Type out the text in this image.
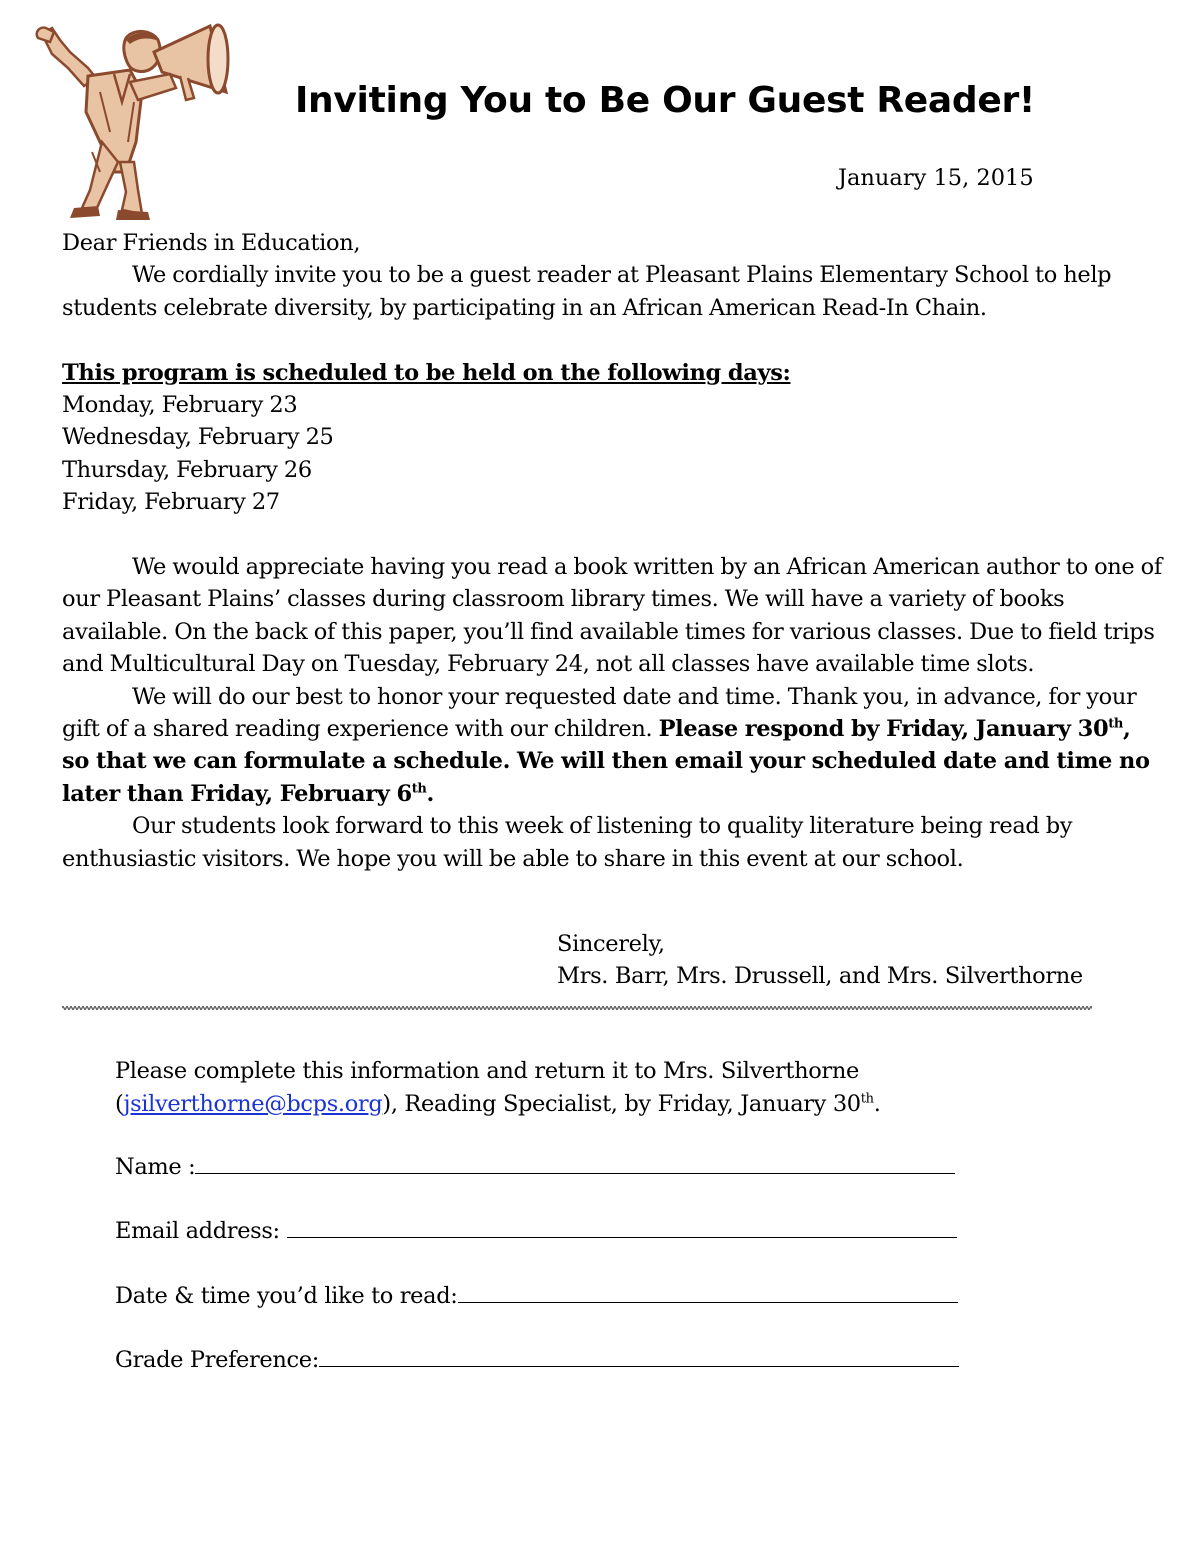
Inviting You to Be Our Guest Reader!
January 15, 2015

Dear Friends in Education,

We cordially invite you to be a guest reader at Pleasant Plains Elementary School to help students celebrate diversity, by participating in an African American Read-In Chain.

This program is scheduled to be held on the following days:

Monday, February 23

Wednesday, February 25

Thursday, February 26

Friday, February 27

We would appreciate having you read a book written by an African American author to one of our Pleasant Plains’ classes during classroom library times. We will have a variety of books available. On the back of this paper, you’ll find available times for various classes. Due to field trips and Multicultural Day on Tuesday, February 24, not all classes have available time slots.

We will do our best to honor your requested date and time. Thank you, in advance, for your gift of a shared reading experience with our children. Please respond by Friday, January 30th, so that we can formulate a schedule. We will then email your scheduled date and time no later than Friday, February 6th.

Our students look forward to this week of listening to quality literature being read by enthusiastic visitors. We hope you will be able to share in this event at our school.

Sincerely,
Mrs. Barr, Mrs. Drussell, and Mrs. Silverthorne

Please complete this information and return it to Mrs. Silverthorne
(jsilverthorne@bcps.org), Reading Specialist, by Friday, January 30th.

Name :
Email address:
Date & time you’d like to read:
Grade Preference:
